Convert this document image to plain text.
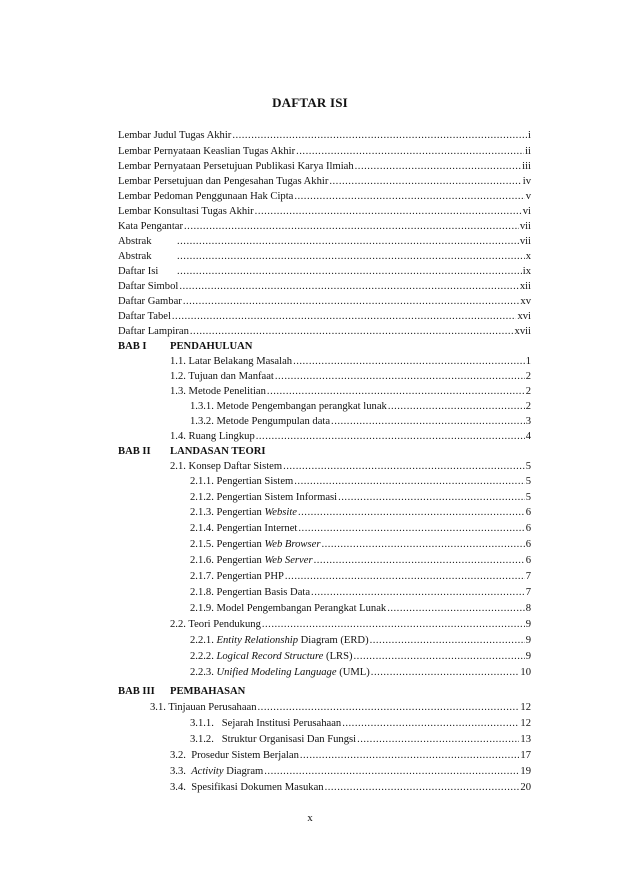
DAFTAR ISI
Lembar Judul Tugas Akhir .....	i
Lembar Pernyataan Keaslian Tugas Akhir .....	ii
Lembar Pernyataan Persetujuan Publikasi Karya Ilmiah .....	iii
Lembar Persetujuan dan Pengesahan Tugas Akhir .....	iv
Lembar Pedoman Penggunaan Hak Cipta .....	v
Lembar Konsultasi Tugas Akhir .....	vi
Kata Pengantar .....	vii
Abstrak .....	vii
Abstrak .....	x
Daftar Isi .....	ix
Daftar Simbol .....	xii
Daftar Gambar .....	xv
Daftar Tabel .....	xvi
Daftar Lampiran .....	xvii
BAB I PENDAHULUAN
1.1. Latar Belakang Masalah .....	1
1.2. Tujuan dan Manfaat .....	2
1.3. Metode Penelitian .....	2
1.3.1. Metode Pengembangan perangkat lunak .....	2
1.3.2. Metode Pengumpulan data .....	3
1.4. Ruang Lingkup .....	4
BAB II LANDASAN TEORI
2.1. Konsep Daftar Sistem .....	5
2.1.1. Pengertian Sistem .....	5
2.1.2. Pengertian Sistem Informasi .....	5
2.1.3. Pengertian Website .....	6
2.1.4. Pengertian Internet .....	6
2.1.5. Pengertian Web Browser .....	6
2.1.6. Pengertian Web Server .....	6
2.1.7. Pengertian PHP .....	7
2.1.8. Pengertian Basis Data .....	7
2.1.9. Model Pengembangan Perangkat Lunak .....	8
2.2. Teori Pendukung .....	9
2.2.1. Entity Relationship Diagram (ERD) .....	9
2.2.2. Logical Record Structure (LRS) .....	9
2.2.3. Unified Modeling Language (UML) .....	10
BAB III PEMBAHASAN
3.1. Tinjauan Perusahaan .....	12
3.1.1.   Sejarah Institusi Perusahaan .....	12
3.1.2.   Struktur Organisasi Dan Fungsi .....	13
3.2.  Prosedur Sistem Berjalan .....	17
3.3.  Activity Diagram .....	19
3.4.  Spesifikasi Dokumen Masukan .....	20
x
